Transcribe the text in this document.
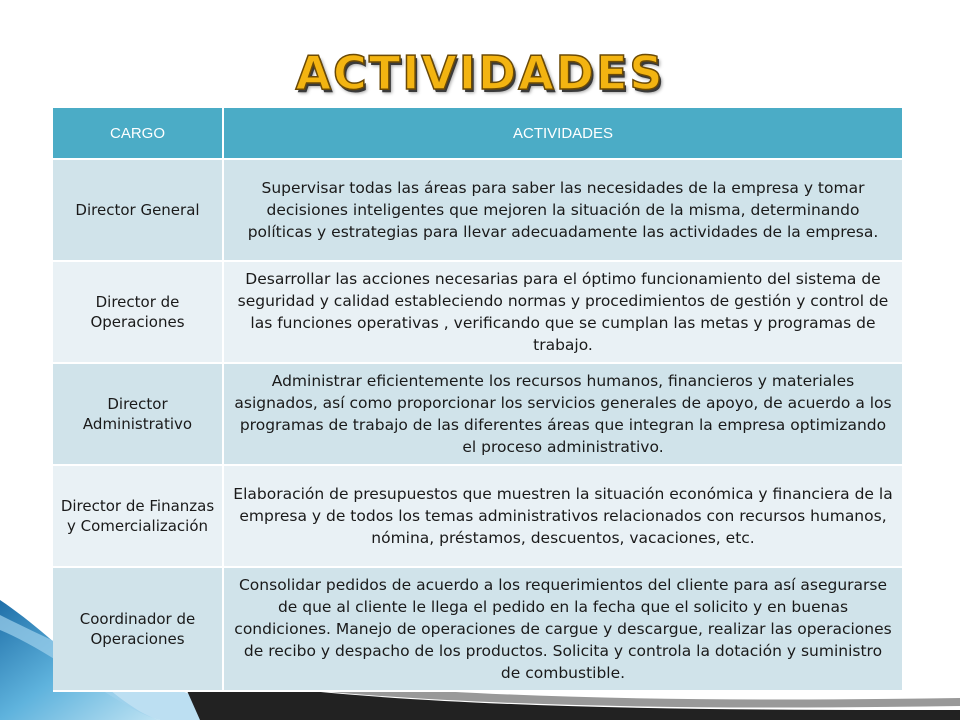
ACTIVIDADES
CARGO	ACTIVIDADES
Director General	Supervisar todas las áreas para saber las necesidades de la empresa y tomar decisiones inteligentes que mejoren la situación de la misma, determinando políticas y estrategias para llevar adecuadamente las actividades de la empresa.
Director de Operaciones	Desarrollar las acciones necesarias para el óptimo funcionamiento del sistema de seguridad y calidad estableciendo normas y procedimientos de gestión y control de las funciones operativas , verificando que se cumplan las metas y programas de trabajo.
Director Administrativo	Administrar eficientemente los recursos humanos, financieros y materiales asignados, así como proporcionar los servicios generales de apoyo, de acuerdo a los programas de trabajo de las diferentes áreas que integran la empresa optimizando el proceso administrativo.
Director de Finanzas y Comercialización	Elaboración de presupuestos que muestren la situación económica y financiera de la empresa y de todos los temas administrativos relacionados con recursos humanos, nómina, préstamos, descuentos, vacaciones, etc.
Coordinador de Operaciones	Consolidar pedidos de acuerdo a los requerimientos del cliente para así asegurarse de que al cliente le llega el pedido en la fecha que el solicito y en buenas condiciones. Manejo de operaciones de cargue y descargue, realizar las operaciones de recibo y despacho de los productos. Solicita y controla la dotación y suministro de combustible.
